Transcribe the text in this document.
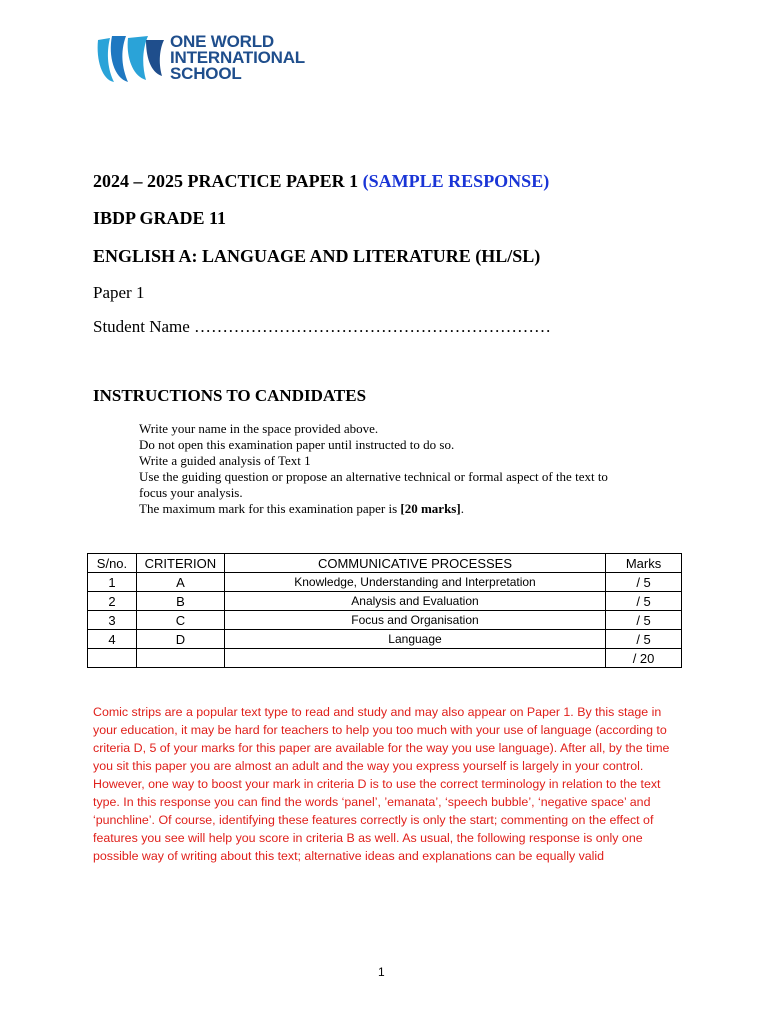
ONE WORLD
INTERNATIONAL
SCHOOL
2024 – 2025 PRACTICE PAPER 1 (SAMPLE RESPONSE)
IBDP GRADE 11
ENGLISH A: LANGUAGE AND LITERATURE (HL/SL)
Paper 1
Student Name ………………………………………………………
INSTRUCTIONS TO CANDIDATES
Write your name in the space provided above.
Do not open this examination paper until instructed to do so.
Write a guided analysis of Text 1
Use the guiding question or propose an alternative technical or formal aspect of the text to
focus your analysis.
The maximum mark for this examination paper is [20 marks].
S/no.	CRITERION	COMMUNICATIVE PROCESSES	Marks
1	A	Knowledge, Understanding and Interpretation	/ 5
2	B	Analysis and Evaluation	/ 5
3	C	Focus and Organisation	/ 5
4	D	Language	/ 5
			/ 20
Comic strips are a popular text type to read and study and may also appear on Paper 1. By this stage in your education, it may be hard for teachers to help you too much with your use of language (according to criteria D, 5 of your marks for this paper are available for the way you use language). After all, by the time you sit this paper you are almost an adult and the way you express yourself is largely in your control. However, one way to boost your mark in criteria D is to use the correct terminology in relation to the text type. In this response you can find the words ‘panel’, ’emanata’, ‘speech bubble’, ‘negative space’ and ‘punchline’. Of course, identifying these features correctly is only the start; commenting on the effect of features you see will help you score in criteria B as well. As usual, the following response is only one possible way of writing about this text; alternative ideas and explanations can be equally valid
1
